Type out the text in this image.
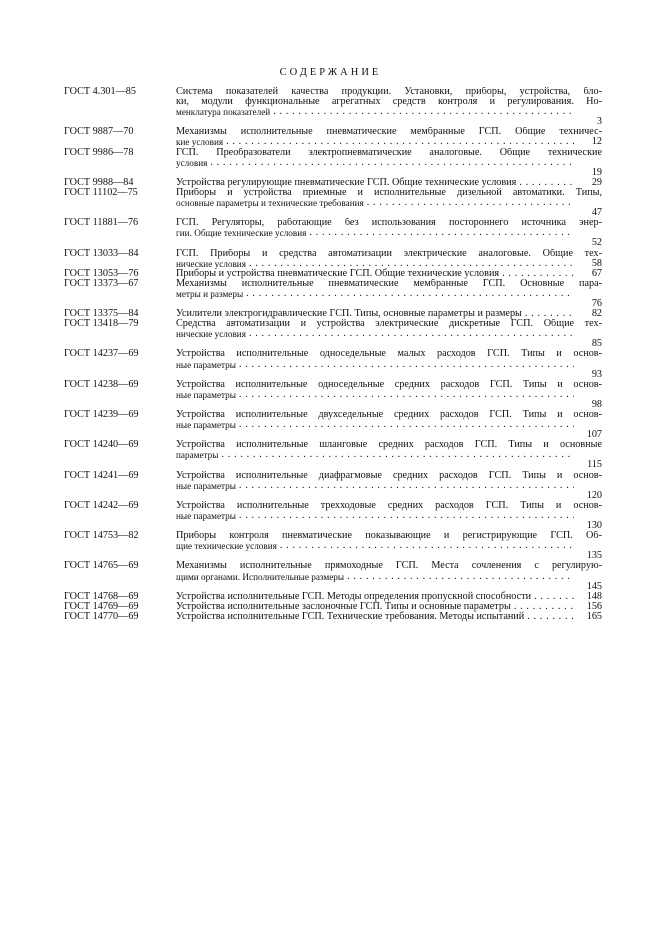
СОДЕРЖАНИЕ
ГОСТ 4.301—85	Система показателей качества продукции. Установки, приборы, устройства, бло-
ки, модули функциональные агрегатных средств контроля и регулирования. Но-
менклатура показателей
. . .
3
ГОСТ 9887—70	Механизмы исполнительные пневматические мембранные ГСП. Общие техничес-
кие условия . . .	12
ГОСТ 9986—78	ГСП. Преобразователи электропневматические аналоговые. Общие технические
условия
. . .
19
ГОСТ 9988—84	Устройства регулирующие пневматические ГСП. Общие технические условия . . .	29
ГОСТ 11102—75	Приборы и устройства приемные и исполнительные дизельной автоматики. Типы,
основные параметры и технические требования
. . .
47
ГОСТ 11881—76	ГСП. Регуляторы, работающие без использования постороннего источника энер-
гии. Общие технические условия
. . .
52
ГОСТ 13033—84	ГСП. Приборы и средства автоматизации электрические аналоговые. Общие тех-
нические условия . . .	58
ГОСТ 13053—76	Приборы и устройства пневматические ГСП. Общие технические условия . . .	67
ГОСТ 13373—67	Механизмы исполнительные пневматические мембранные ГСП. Основные пара-
метры и размеры
. . .
76
ГОСТ 13375—84	Усилители электрогидравлические ГСП. Типы, основные параметры и размеры . . .	82
ГОСТ 13418—79	Средства автоматизации и устройства электрические дискретные ГСП. Общие тех-
нические условия
. . .
85
ГОСТ 14237—69	Устройства исполнительные односедельные малых расходов ГСП. Типы и основ-
ные параметры
. . .
93
ГОСТ 14238—69	Устройства исполнительные односедельные средних расходов ГСП. Типы и основ-
ные параметры
. . .
98
ГОСТ 14239—69	Устройства исполнительные двухседельные средних расходов ГСП. Типы и основ-
ные параметры
. . .
107
ГОСТ 14240—69	Устройства исполнительные шланговые средних расходов ГСП. Типы и основные
параметры
. . .
115
ГОСТ 14241—69	Устройства исполнительные диафрагмовые средних расходов ГСП. Типы и основ-
ные параметры
. . .
120
ГОСТ 14242—69	Устройства исполнительные трехходовые средних расходов ГСП. Типы и основ-
ные параметры
. . .
130
ГОСТ 14753—82	Приборы контроля пневматические показывающие и регистрирующие ГСП. Об-
щие технические условия
. . .
135
ГОСТ 14765—69	Механизмы исполнительные прямоходные ГСП. Места сочленения с регулирую-
щими органами. Исполнительные размеры
. . .
145
ГОСТ 14768—69	Устройства исполнительные ГСП. Методы определения пропускной способности . . .	148
ГОСТ 14769—69	Устройства исполнительные заслоночные ГСП. Типы и основные параметры . . .	156
ГОСТ 14770—69	Устройства исполнительные ГСП. Технические требования. Методы испытаний . . .	165
